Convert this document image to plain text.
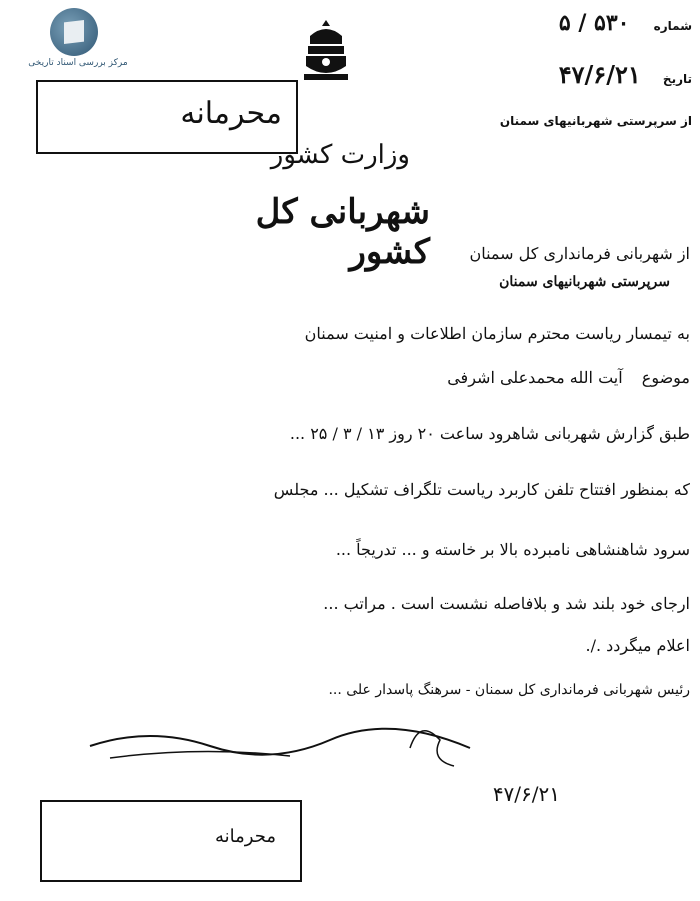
مرکز بررسی اسناد تاریخی
شماره ۵۳۰ / ۵
تاریخ ۴۷/۶/۲۱
از سرپرستی شهربانیهای سمنان
محرمانه
وزارت کشور
شهربانی کل کشور	از شهربانی فرمانداری کل سمنان
سرپرستی شهربانیهای سمنان
به تیمسار ریاست محترم سازمان اطلاعات و امنیت سمنان
موضوع آیت الله محمدعلی اشرفی
طبق گزارش شهربانی شاهرود ساعت ۲۰ روز ۱۳ / ۳ / ۲۵ ...
که بمنظور افتتاح تلفن کاربرد ریاست تلگراف تشکیل ... مجلس
سرود شاهنشاهی نامبرده بالا بر خاسته و ... تدریجاً ...
ارجای خود بلند شد و بلافاصله نشست است . مراتب ...
اعلام میگردد ./.
رئیس شهربانی فرمانداری کل سمنان - سرهنگ پاسدار علی ...
۴۷/۶/۲۱
محرمانه
